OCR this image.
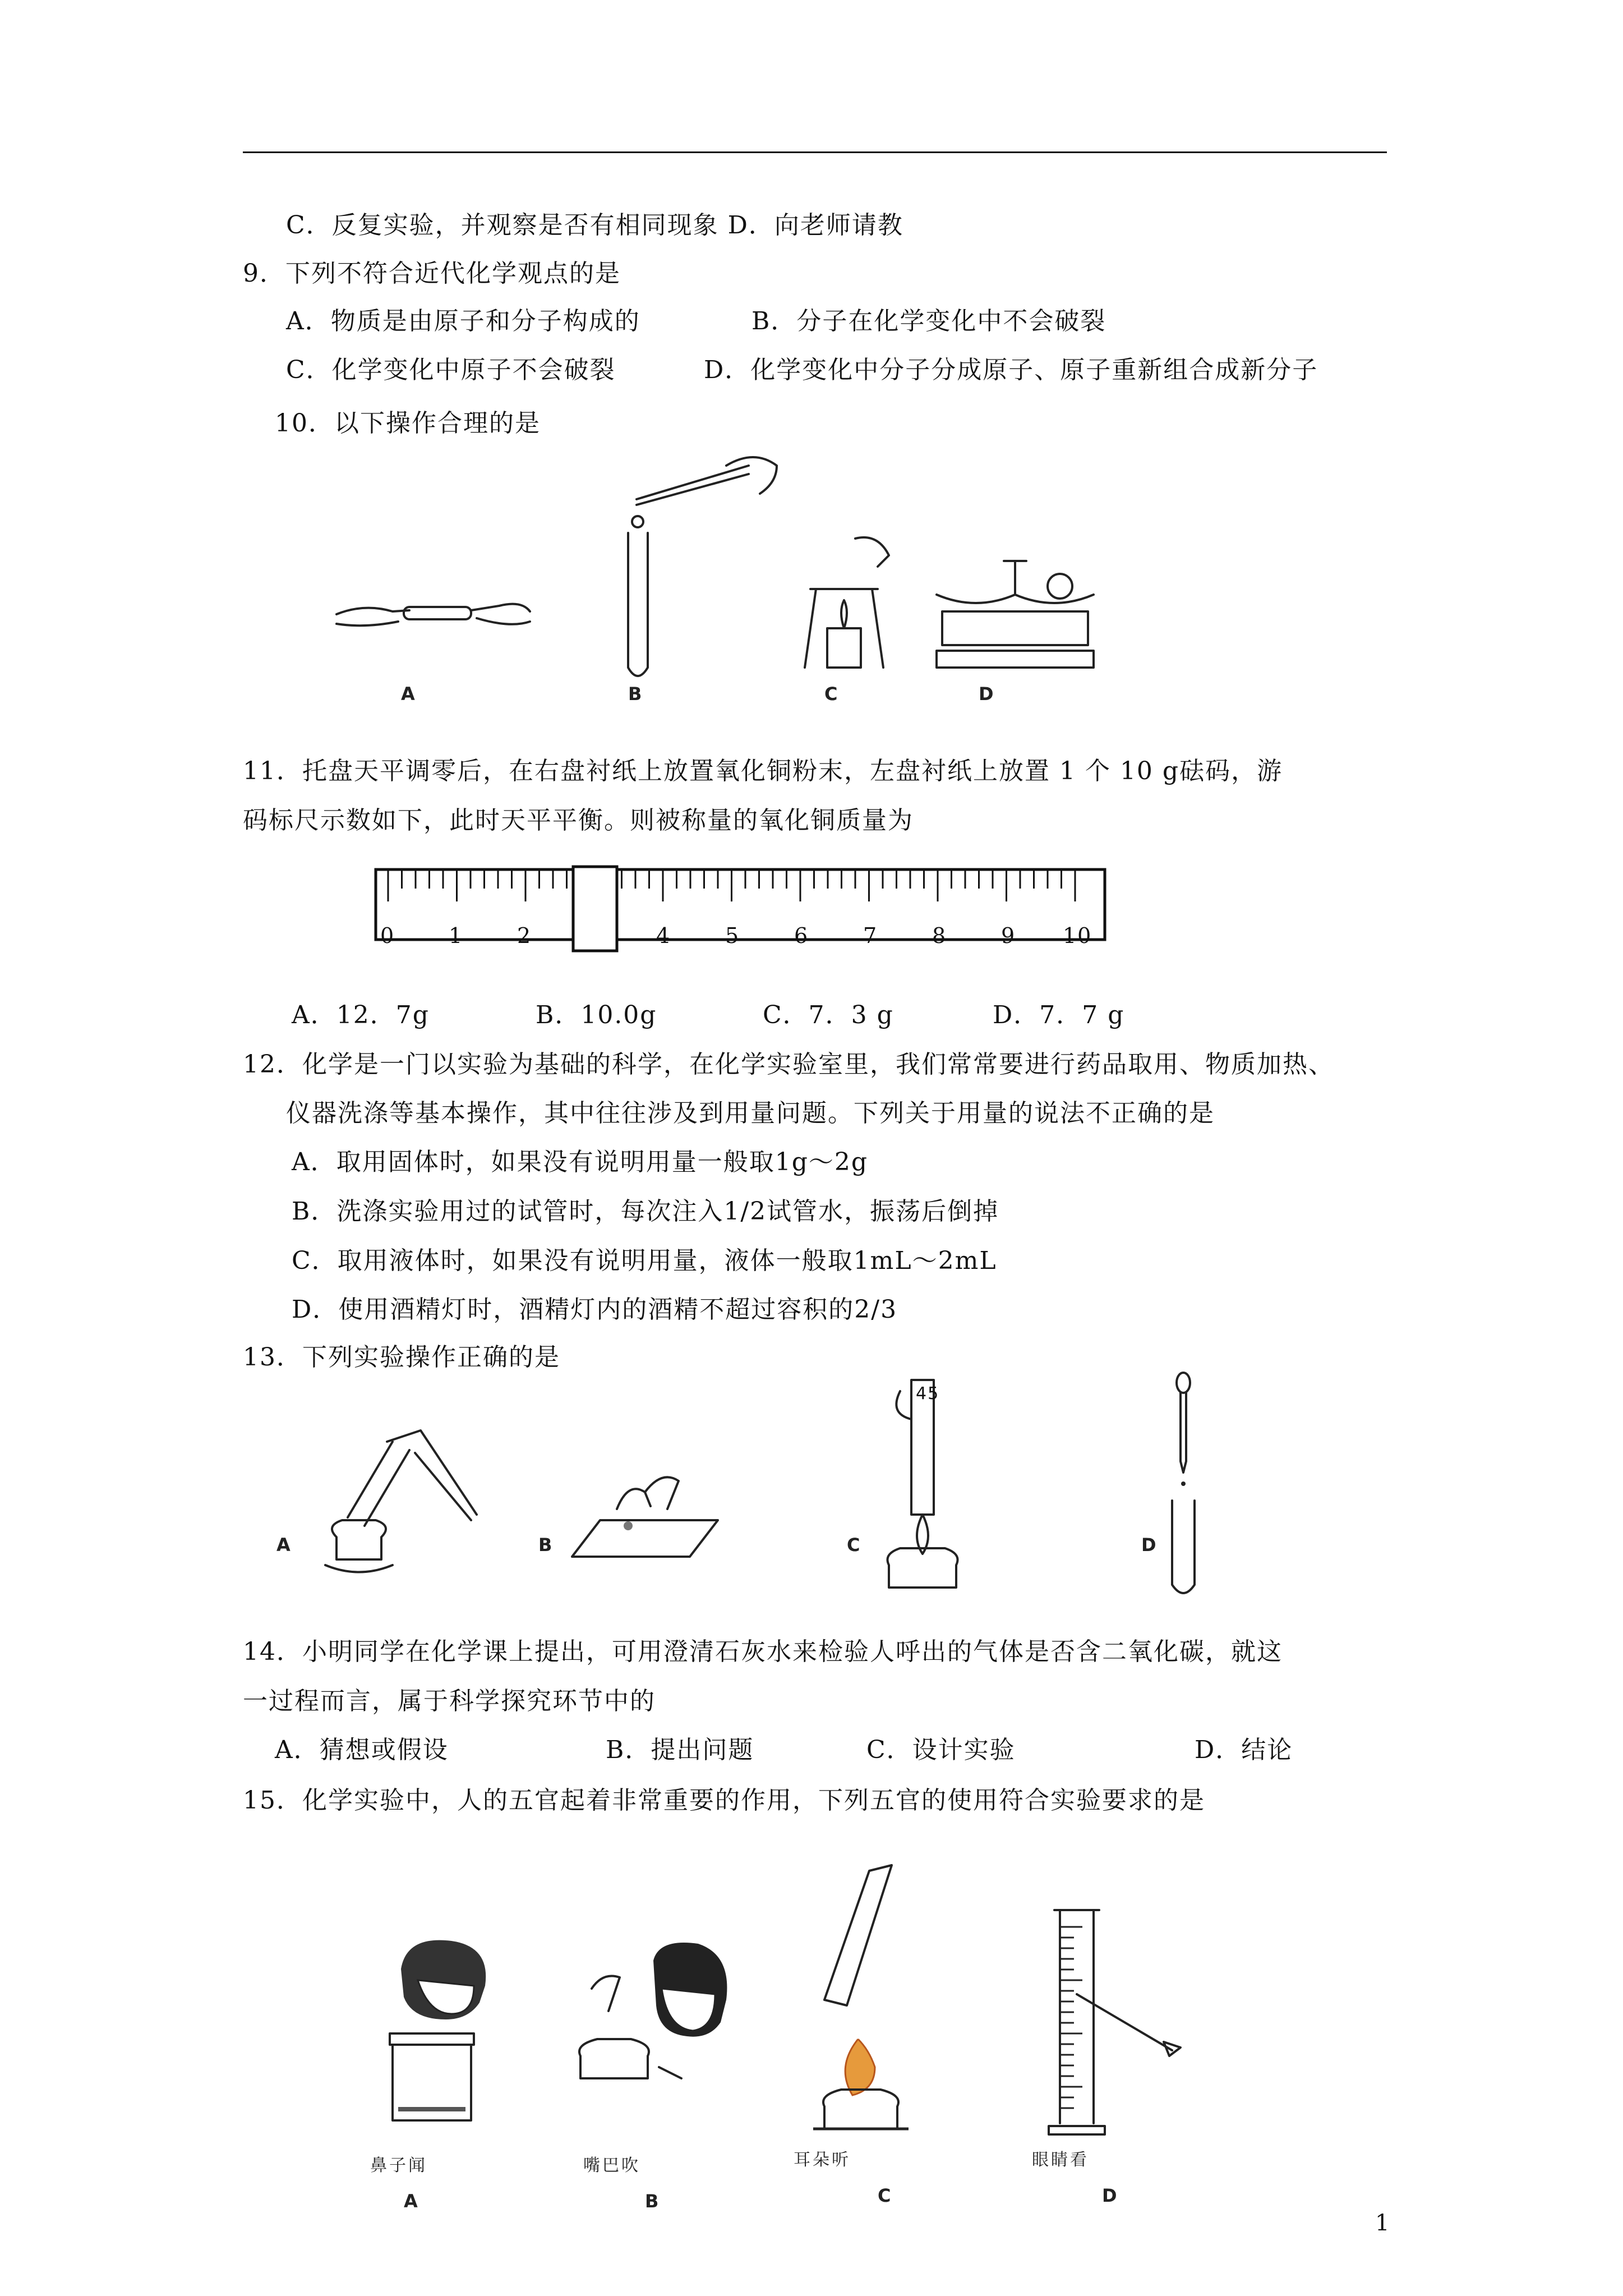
C．反复实验，并观察是否有相同现象 D．向老师请教
9．下列不符合近代化学观点的是
A．物质是由原子和分子构成的	B．分子在化学变化中不会破裂
C．化学变化中原子不会破裂	D．化学变化中分子分成原子、原子重新组合成新分子
10．以下操作合理的是
A	B	C	D
11．托盘天平调零后，在右盘衬纸上放置氧化铜粉末，左盘衬纸上放置 1 个 10 g砝码，游
码标尺示数如下，此时天平平衡。则被称量的氧化铜质量为
0	1	2	4	5	6	7	8	9 10
A．12．7g	B．10.0g	C．7．3 g	D．7．7 g
12．化学是一门以实验为基础的科学，在化学实验室里，我们常常要进行药品取用、物质加热、
仪器洗涤等基本操作，其中往往涉及到用量问题。下列关于用量的说法不正确的是
A．取用固体时，如果没有说明用量一般取1g～2g
B．洗涤实验用过的试管时，每次注入1/2试管水，振荡后倒掉
C．取用液体时，如果没有说明用量，液体一般取1mL～2mL
D．使用酒精灯时，酒精灯内的酒精不超过容积的2/3
13．下列实验操作正确的是
A	B
45
C	D
14．小明同学在化学课上提出，可用澄清石灰水来检验人呼出的气体是否含二氧化碳，就这
一过程而言，属于科学探究环节中的
A．猜想或假设	B．提出问题	C．设计实验	D．结论
15．化学实验中，人的五官起着非常重要的作用，下列五官的使用符合实验要求的是
鼻子闻
A
嘴巴吹
B
耳朵听
C
眼睛看
D
1
